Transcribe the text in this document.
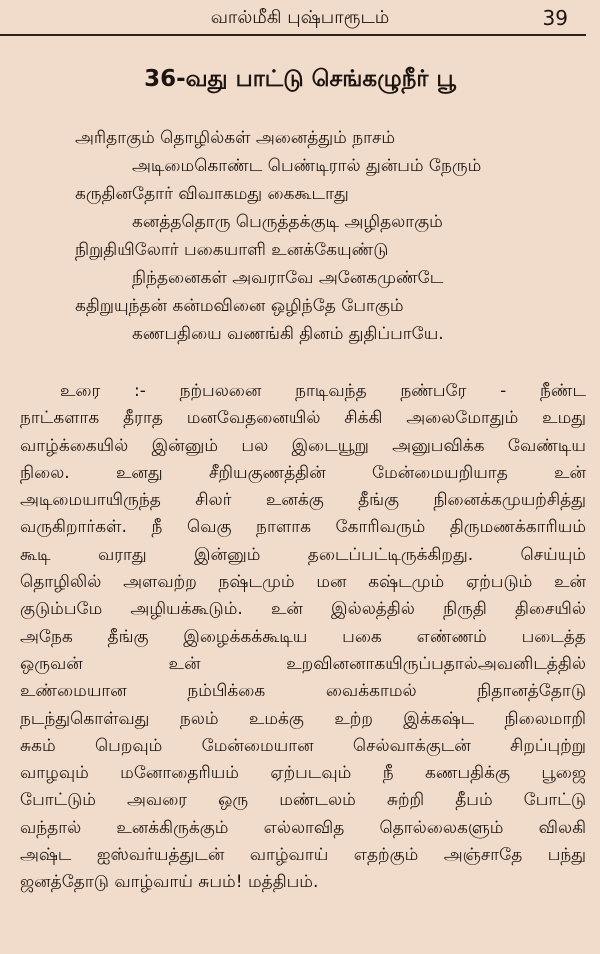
வால்மீகி புஷ்பாரூடம்	39
36-வது பாட்டு செங்கழுநீர் பூ
அரிதாகும் தொழில்கள் அனைத்தும் நாசம்
அடிமைகொண்ட பெண்டிரால் துன்பம் நேரும்
கருதினதோர் விவாகமது கைகூடாது
கனத்ததொரு பெருத்தக்குடி அழிதலாகும்
நிறுதியிலோர் பகையாளி உனக்கேயுண்டு
நிந்தனைகள் அவராவே அனேகமுண்டே
கதிறுயுந்தன் கன்மவினை ஒழிந்தே போகும்
கணபதியை வணங்கி தினம் துதிப்பாயே.
உரை :- நற்பலனை நாடிவந்த நண்பரே - நீண்ட
நாட்களாக தீராத மனவேதனையில் சிக்கி அலைமோதும் உமது
வாழ்க்கையில் இன்னும் பல இடையூறு அனுபவிக்க வேண்டிய
நிலை. உனது சீறியகுணத்தின் மேன்மையறியாத உன்
அடிமையாயிருந்த சிலர் உனக்கு தீங்கு நினைக்கமுயற்சித்து
வருகிறார்கள். நீ வெகு நாளாக கோரிவரும் திருமணக்காரியம்
கூடி வராது இன்னும் தடைப்பட்டிருக்கிறது. செய்யும்
தொழிலில் அளவற்ற நஷ்டமும் மன கஷ்டமும் ஏற்படும் உன்
குடும்பமே அழியக்கூடும். உன் இல்லத்தில் நிருதி திசையில்
அநேக தீங்கு இழைக்கக்கூடிய பகை எண்ணம் படைத்த
ஒருவன் உன் உறவினனாகயிருப்பதால்அவனிடத்தில்
உண்மையான நம்பிக்கை வைக்காமல் நிதானத்தோடு
நடந்துகொள்வது நலம் உமக்கு உற்ற இக்கஷ்ட நிலைமாறி
சுகம் பெறவும் மேன்மையான செல்வாக்குடன் சிறப்புற்று
வாழவும் மனோதைரியம் ஏற்படவும் நீ கணபதிக்கு பூஜை
போட்டும் அவரை ஒரு மண்டலம் சுற்றி தீபம் போட்டு
வந்தால் உனக்கிருக்கும் எல்லாவித தொல்லைகளும் விலகி
அஷ்ட ஐஸ்வர்யத்துடன் வாழ்வாய் எதற்கும் அஞ்சாதே பந்து
ஜனத்தோடு வாழ்வாய் சுபம்! மத்திபம்.
